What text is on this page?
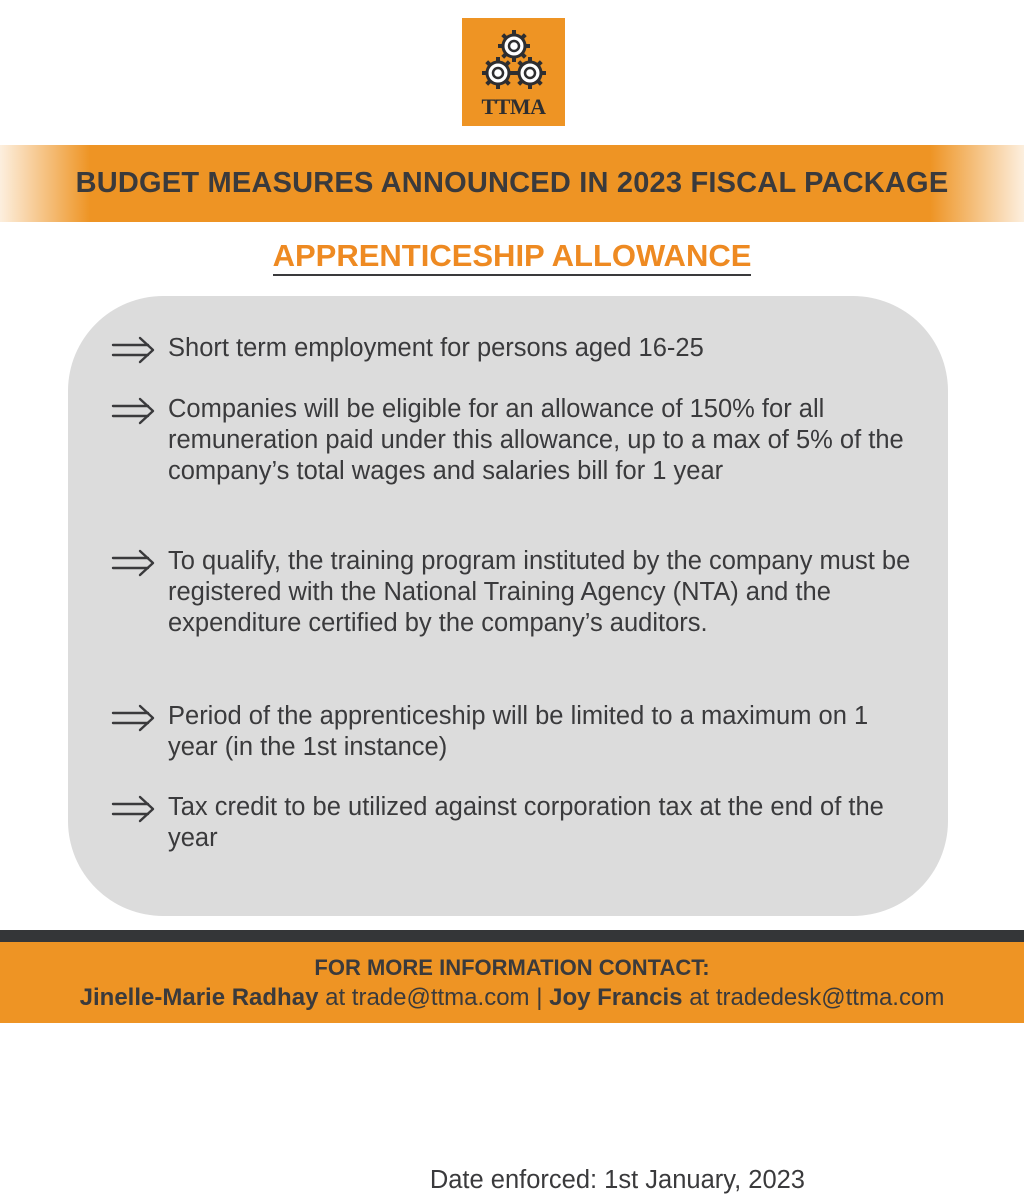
TTMA
BUDGET MEASURES ANNOUNCED IN 2023 FISCAL PACKAGE
APPRENTICESHIP ALLOWANCE
Date enforced: 1st January, 2023
Short term employment for persons aged 16-25
Companies will be eligible for an allowance of 150% for all remuneration paid under this allowance, up to a max of 5% of the company’s total wages and salaries bill for 1 year
To qualify, the training program instituted by the company must be registered with the National Training Agency (NTA) and the expenditure certified by the company’s auditors.
Period of the apprenticeship will be limited to a maximum on 1 year (in the 1st instance)
Tax credit to be utilized against corporation tax at the end of the year
FOR MORE INFORMATION CONTACT:
Jinelle-Marie Radhay at trade@ttma.com | Joy Francis at tradedesk@ttma.com
